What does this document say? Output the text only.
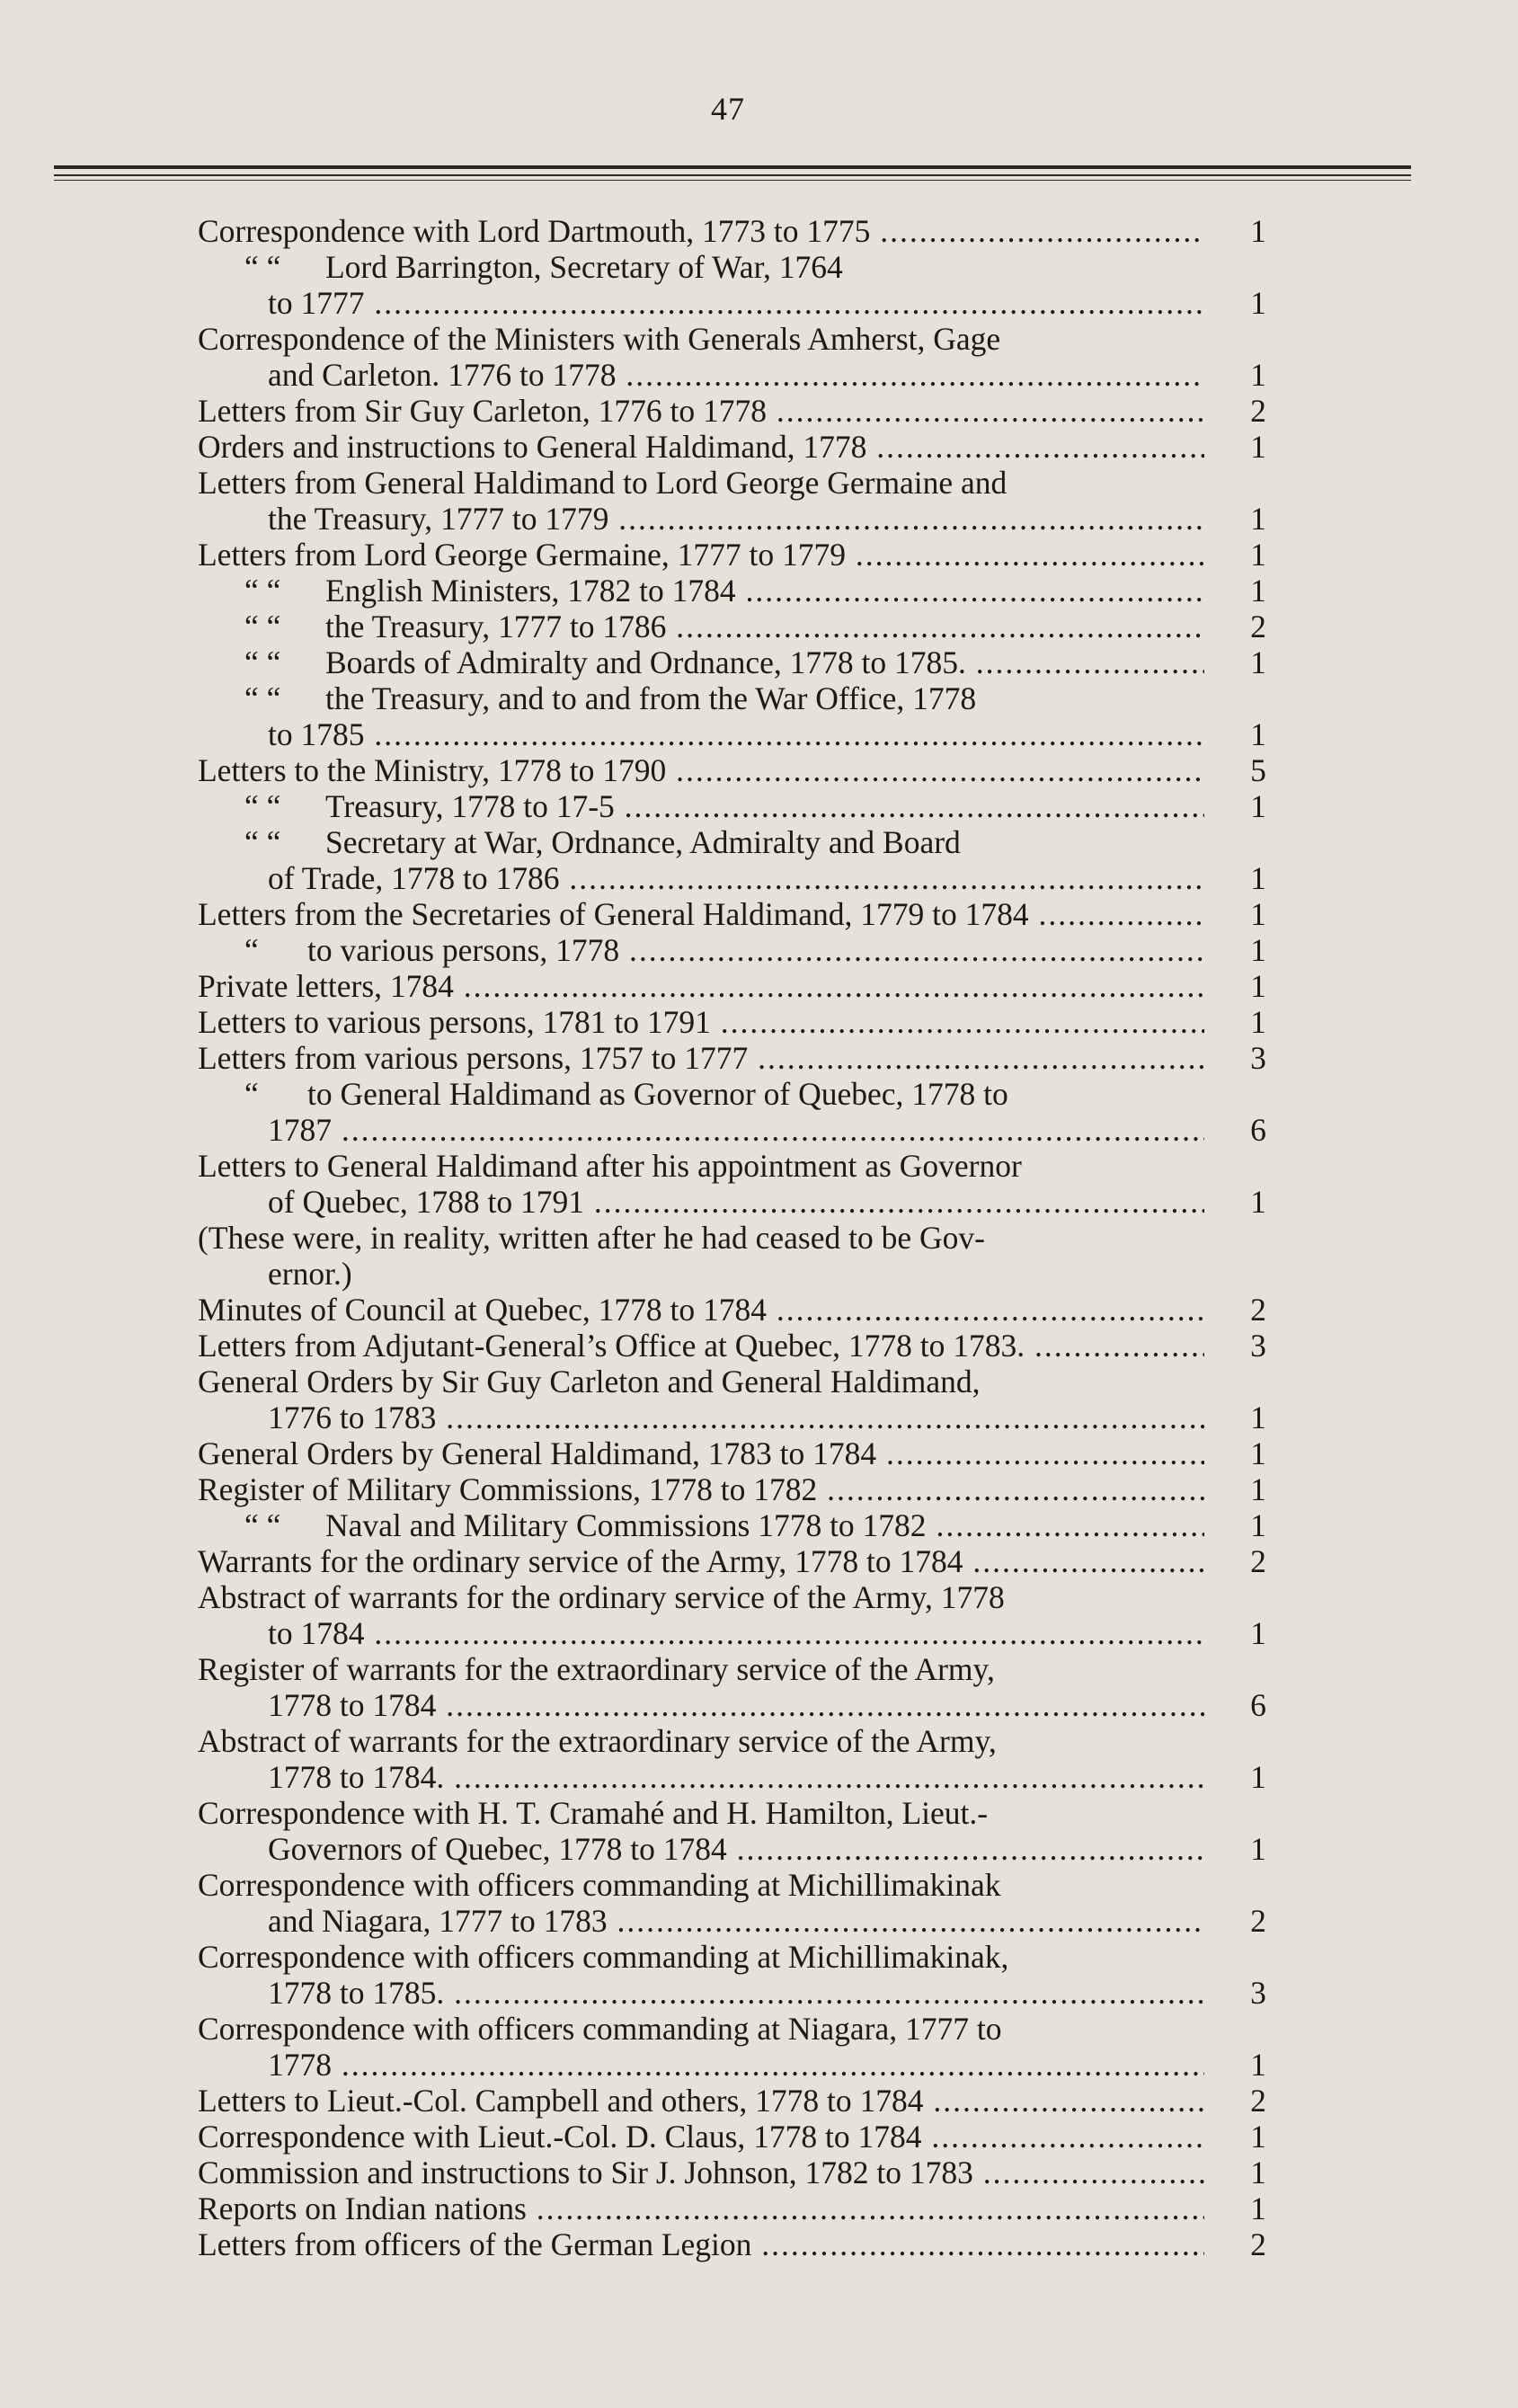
47
Correspondence with Lord Dartmouth, 1773 to 1775 .....	1
“ “ Lord Barrington, Secretary of War, 1764
to 1777 .....	1
Correspondence of the Ministers with Generals Amherst, Gage
and Carleton. 1776 to 1778 .....	1
Letters from Sir Guy Carleton, 1776 to 1778 .....	2
Orders and instructions to General Haldimand, 1778 .....	1
Letters from General Haldimand to Lord George Germaine and
the Treasury, 1777 to 1779 .....	1
Letters from Lord George Germaine, 1777 to 1779 .....	1
“ “ English Ministers, 1782 to 1784 .....	1
“ “ the Treasury, 1777 to 1786 .....	2
“ “ Boards of Admiralty and Ordnance, 1778 to 1785. .....	1
“ “ the Treasury, and to and from the War Office, 1778
to 1785 .....	1
Letters to the Ministry, 1778 to 1790 .....	5
“ “ Treasury, 1778 to 17-5 .....	1
“ “ Secretary at War, Ordnance, Admiralty and Board
of Trade, 1778 to 1786 .....	1
Letters from the Secretaries of General Haldimand, 1779 to 1784 .....	1
“ to various persons, 1778 .....	1
Private letters, 1784 .....	1
Letters to various persons, 1781 to 1791 .....	1
Letters from various persons, 1757 to 1777 .....	3
“ to General Haldimand as Governor of Quebec, 1778 to
1787 .....	6
Letters to General Haldimand after his appointment as Governor
of Quebec, 1788 to 1791 .....	1
(These were, in reality, written after he had ceased to be Gov-
ernor.)
Minutes of Council at Quebec, 1778 to 1784 .....	2
Letters from Adjutant-General’s Office at Quebec, 1778 to 1783. .....	3
General Orders by Sir Guy Carleton and General Haldimand,
1776 to 1783 .....	1
General Orders by General Haldimand, 1783 to 1784 .....	1
Register of Military Commissions, 1778 to 1782 .....	1
“ “ Naval and Military Commissions 1778 to 1782 .....	1
Warrants for the ordinary service of the Army, 1778 to 1784 .....	2
Abstract of warrants for the ordinary service of the Army, 1778
to 1784 .....	1
Register of warrants for the extraordinary service of the Army,
1778 to 1784 .....	6
Abstract of warrants for the extraordinary service of the Army,
1778 to 1784. .....	1
Correspondence with H. T. Cramahé and H. Hamilton, Lieut.-
Governors of Quebec, 1778 to 1784 .....	1
Correspondence with officers commanding at Michillimakinak
and Niagara, 1777 to 1783 .....	2
Correspondence with officers commanding at Michillimakinak,
1778 to 1785. .....	3
Correspondence with officers commanding at Niagara, 1777 to
1778 .....	1
Letters to Lieut.-Col. Campbell and others, 1778 to 1784 .....	2
Correspondence with Lieut.-Col. D. Claus, 1778 to 1784 .....	1
Commission and instructions to Sir J. Johnson, 1782 to 1783 .....	1
Reports on Indian nations .....	1
Letters from officers of the German Legion .....	2
